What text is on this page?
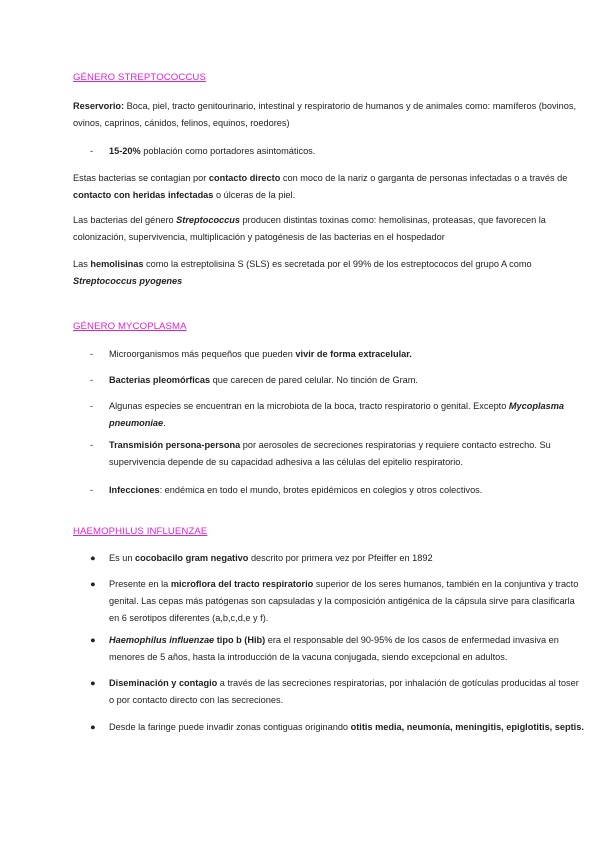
GÉNERO STREPTOCOCCUS
Reservorio: Boca, piel, tracto genitourinario, intestinal y respiratorio de humanos y de animales como: mamíferos (bovinos, ovinos, caprinos, cánidos, felinos, equinos, roedores)
- 15-20% población como portadores asintomáticos.
Estas bacterias se contagian por contacto directo con moco de la nariz o garganta de personas infectadas o a través de contacto con heridas infectadas o úlceras de la piel.
Las bacterias del género Streptococcus producen distintas toxinas como: hemolisinas, proteasas, que favorecen la colonización, supervivencia, multiplicación y patogénesis de las bacterias en el hospedador
Las hemolisinas como la estreptolisina S (SLS) es secretada por el 99% de los estreptococos del grupo A como Streptococcus pyogenes
GÉNERO MYCOPLASMA
- Microorganismos más pequeños que pueden vivir de forma extracelular.
- Bacterias pleomórficas que carecen de pared celular. No tinción de Gram.
- Algunas especies se encuentran en la microbiota de la boca, tracto respiratorio o genital. Excepto Mycoplasma pneumoniae.
- Transmisión persona-persona por aerosoles de secreciones respiratorias y requiere contacto estrecho. Su supervivencia depende de su capacidad adhesiva a las células del epitelio respiratorio.
- Infecciones: endémica en todo el mundo, brotes epidémicos en colegios y otros colectivos.
HAEMOPHILUS INFLUENZAE
● Es un cocobacilo gram negativo descrito por primera vez por Pfeiffer en 1892
● Presente en la microflora del tracto respiratorio superior de los seres humanos, también en la conjuntiva y tracto genital. Las cepas más patógenas son capsuladas y la composición antigénica de la cápsula sirve para clasificarla en 6 serotipos diferentes (a,b,c,d,e y f).
● Haemophilus influenzae tipo b (Hib) era el responsable del 90-95% de los casos de enfermedad invasiva en menores de 5 años, hasta la introducción de la vacuna conjugada, siendo excepcional en adultos.
● Diseminación y contagio a través de las secreciones respiratorias, por inhalación de gotículas producidas al toser o por contacto directo con las secreciones.
● Desde la faringe puede invadir zonas contiguas originando otitis media, neumonía, meningitis, epiglotitis, septis.
